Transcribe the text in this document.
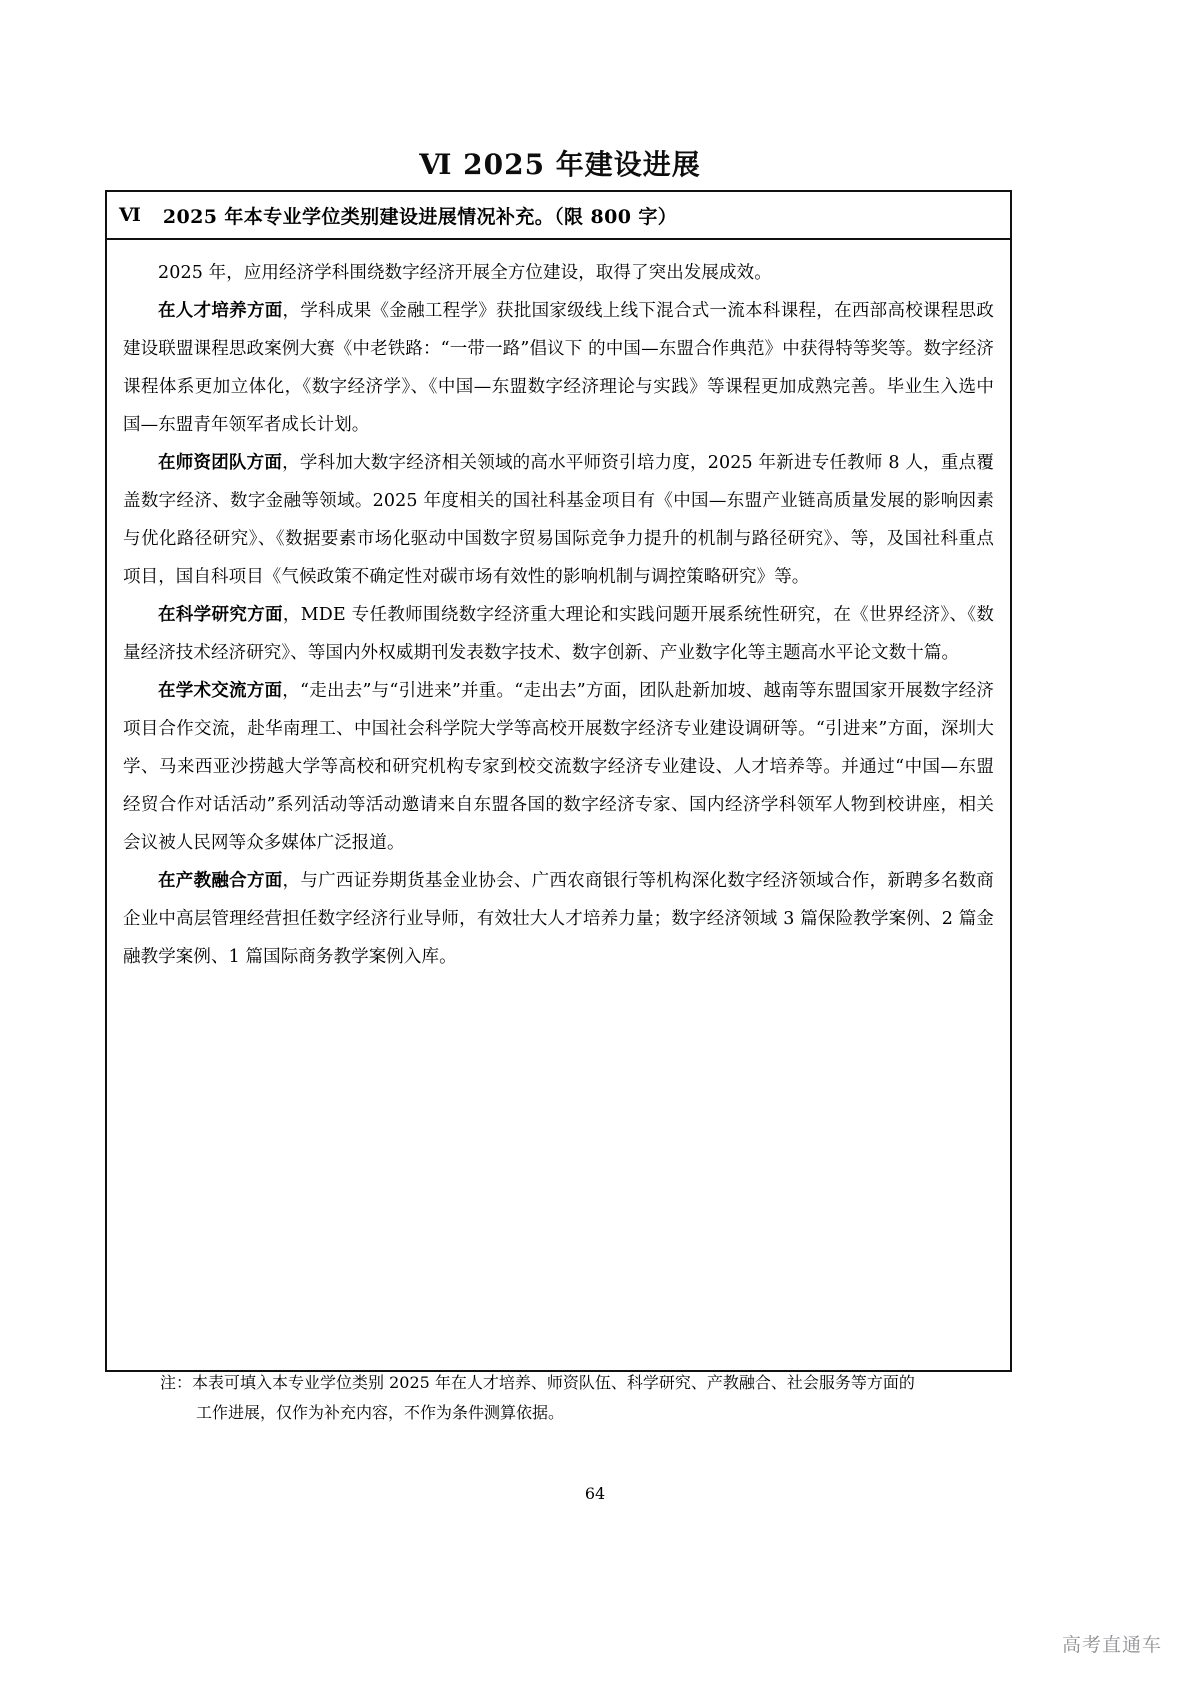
Ⅵ 2025 年建设进展
Ⅵ 2025 年本专业学位类别建设进展情况补充。（限 800 字）

2025 年，应用经济学科围绕数字经济开展全方位建设，取得了突出发展成效。

在人才培养方面，学科成果《金融工程学》获批国家级线上线下混合式一流本科课程，在西部高校课程思政建设联盟课程思政案例大赛《中老铁路：“一带一路”倡议下 的中国—东盟合作典范》中获得特等奖等。数字经济课程体系更加立体化，《数字经济学》、《中国—东盟数字经济理论与实践》等课程更加成熟完善。毕业生入选中国—东盟青年领军者成长计划。

在师资团队方面，学科加大数字经济相关领域的高水平师资引培力度，2025 年新进专任教师 8 人，重点覆盖数字经济、数字金融等领域。2025 年度相关的国社科基金项目有《中国—东盟产业链高质量发展的影响因素与优化路径研究》、《数据要素市场化驱动中国数字贸易国际竞争力提升的机制与路径研究》、等，及国社科重点项目，国自科项目《气候政策不确定性对碳市场有效性的影响机制与调控策略研究》等。

在科学研究方面，MDE 专任教师围绕数字经济重大理论和实践问题开展系统性研究，在《世界经济》、《数量经济技术经济研究》、等国内外权威期刊发表数字技术、数字创新、产业数字化等主题高水平论文数十篇。

在学术交流方面，“走出去”与“引进来”并重。“走出去”方面，团队赴新加坡、越南等东盟国家开展数字经济项目合作交流，赴华南理工、中国社会科学院大学等高校开展数字经济专业建设调研等。“引进来”方面，深圳大学、马来西亚沙捞越大学等高校和研究机构专家到校交流数字经济专业建设、人才培养等。并通过“中国—东盟经贸合作对话活动”系列活动等活动邀请来自东盟各国的数字经济专家、国内经济学科领军人物到校讲座，相关会议被人民网等众多媒体广泛报道。

在产教融合方面，与广西证券期货基金业协会、广西农商银行等机构深化数字经济领域合作，新聘多名数商企业中高层管理经营担任数字经济行业导师，有效壮大人才培养力量；数字经济领域 3 篇保险教学案例、2 篇金融教学案例、1 篇国际商务教学案例入库。

注：本表可填入本专业学位类别 2025 年在人才培养、师资队伍、科学研究、产教融合、社会服务等方面的
工作进展，仅作为补充内容，不作为条件测算依据。
64
高考直通车
